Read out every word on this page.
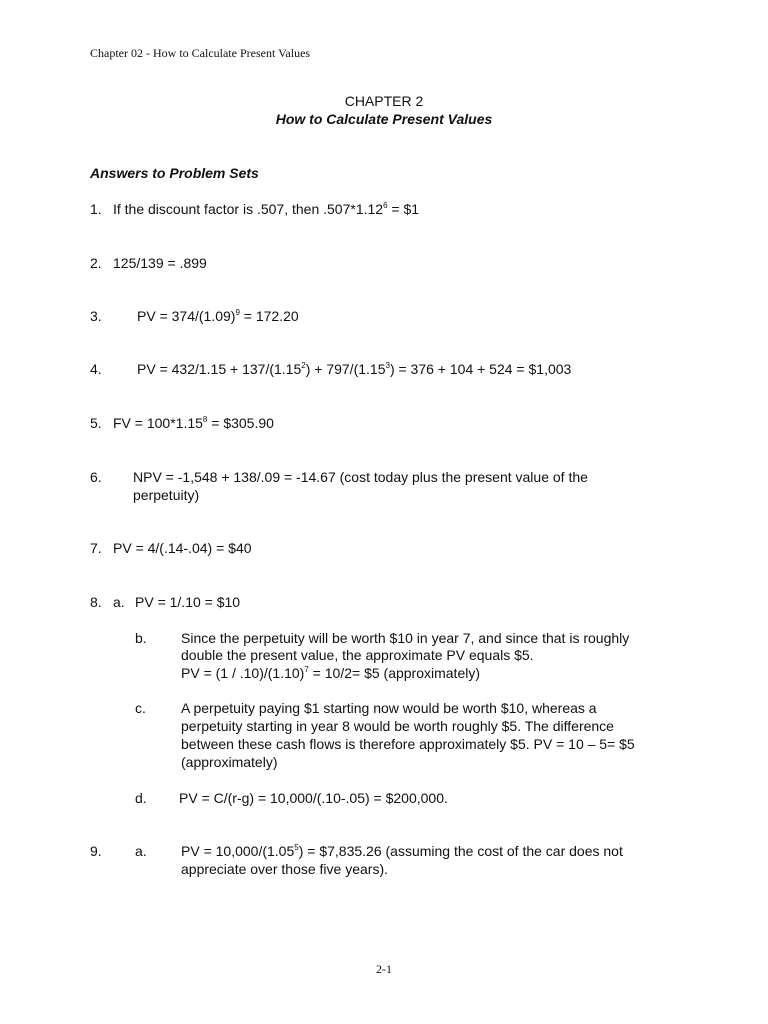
Chapter 02 - How to Calculate Present Values
CHAPTER 2
How to Calculate Present Values
Answers to Problem Sets
1. If the discount factor is .507, then $.507*1.12^6$ = $1
2. 125/139 = .899
3.	PV = $374/(1.09)^9 = 172.20$
4.	PV = $432/1.15 + 137/(1.15^2) + 797/(1.15^3) = 376 + 104 + 524$ = $1,003
5. FV = $100*1.15^8$ = $305.90
6. NPV = -1,548 + 138/.09 = -14.67 (cost today plus the present value of the
perpetuity)
7. PV = 4/(.14-.04) = $40
8. a. PV = 1/.10 = $10
b. Since the perpetuity will be worth $10 in year 7, and since that is roughly
double the present value, the approximate PV equals $5.
PV = $(1 / .10)/(1.10)^7 = 10/2=$ $5 (approximately)
c.	A perpetuity paying $1 starting now would be worth $10, whereas a
perpetuity starting in year 8 would be worth roughly $5. The difference
between these cash flows is therefore approximately $5. PV = 10 – 5= $5
(approximately)
d. PV = C/(r-g) = 10,000/(.10-.05) = $200,000.
9. a. PV = $10,000/(1.05^5)$ = $7,835.26 (assuming the cost of the car does not
appreciate over those five years).
2-1
